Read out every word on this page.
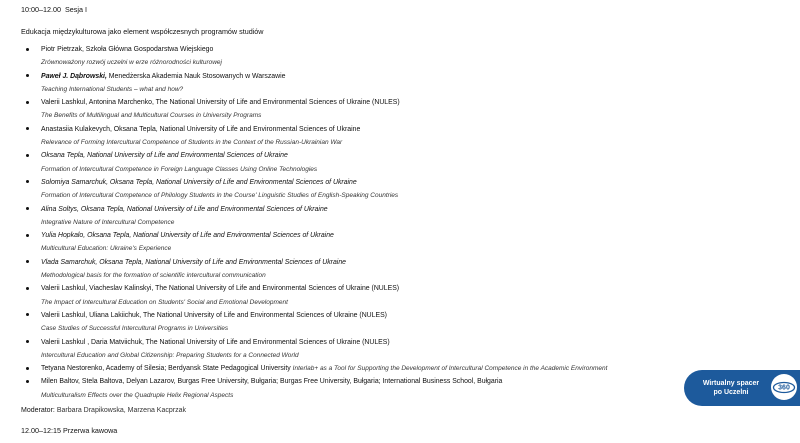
10:00–12.00 Sesja I

Edukacja międzykulturowa jako element współczesnych programów studiów

Piotr Pietrzak, Szkoła Główna Gospodarstwa Wiejskiego
Zrównoważony rozwój uczelni w erze różnorodności kulturowej
Paweł J. Dąbrowski, Menedżerska Akademia Nauk Stosowanych w Warszawie
Teaching International Students – what and how?
Valerii Lashkul, Antonina Marchenko, The National University of Life and Environmental Sciences of Ukraine (NULES)
The Benefits of Multilingual and Multicultural Courses in University Programs
Anastasiia Kulakevych, Oksana Tepla, National University of Life and Environmental Sciences of Ukraine
Relevance of Forming Intercultural Competence of Students in the Context of the Russian-Ukrainian War
Oksana Tepla, National University of Life and Environmental Sciences of Ukraine
Formation of Intercultural Competence in Foreign Language Classes Using Online Technologies
Solomiya Samarchuk, Oksana Tepla, National University of Life and Environmental Sciences of Ukraine
Formation of Intercultural Competence of Philology Students in the Course' Linguistic Studies of English-Speaking Countries
Alina Soltys, Oksana Tepla, National University of Life and Environmental Sciences of Ukraine
Integrative Nature of Intercultural Competence
Yulia Hopkalo, Oksana Tepla, National University of Life and Environmental Sciences of Ukraine
Multicultural Education: Ukraine's Experience
Vlada Samarchuk, Oksana Tepla, National University of Life and Environmental Sciences of Ukraine
Methodological basis for the formation of scientific intercultural communication
Valerii Lashkul, Viacheslav Kalinskyi, The National University of Life and Environmental Sciences of Ukraine (NULES)
The Impact of Intercultural Education on Students' Social and Emotional Development
Valerii Lashkul, Uliana Lakiichuk, The National University of Life and Environmental Sciences of Ukraine (NULES)
Case Studies of Successful Intercultural Programs in Universities
Valerii Lashkul , Daria Matviichuk, The National University of Life and Environmental Sciences of Ukraine (NULES)
Intercultural Education and Global Citizenship: Preparing Students for a Connected World
Tetyana Nestorenko, Academy of Silesia; Berdyansk State Pedagogical University Interlab+ as a Tool for Supporting the Development of Intercultural Competence in the Academic Environment
Milen Baltov, Stela Baltova, Delyan Lazarov, Burgas Free University, Bułgaria; Burgas Free University, Bułgaria; International Business School, Bułgaria
Multiculturalism Effects over the Quadruple Helix Regional Aspects
Moderator: Barbara Drapikowska, Marzena Kacprzak

12.00–12:15 Przerwa kawowa

Wirtualny spacer
po Uczelni
360
